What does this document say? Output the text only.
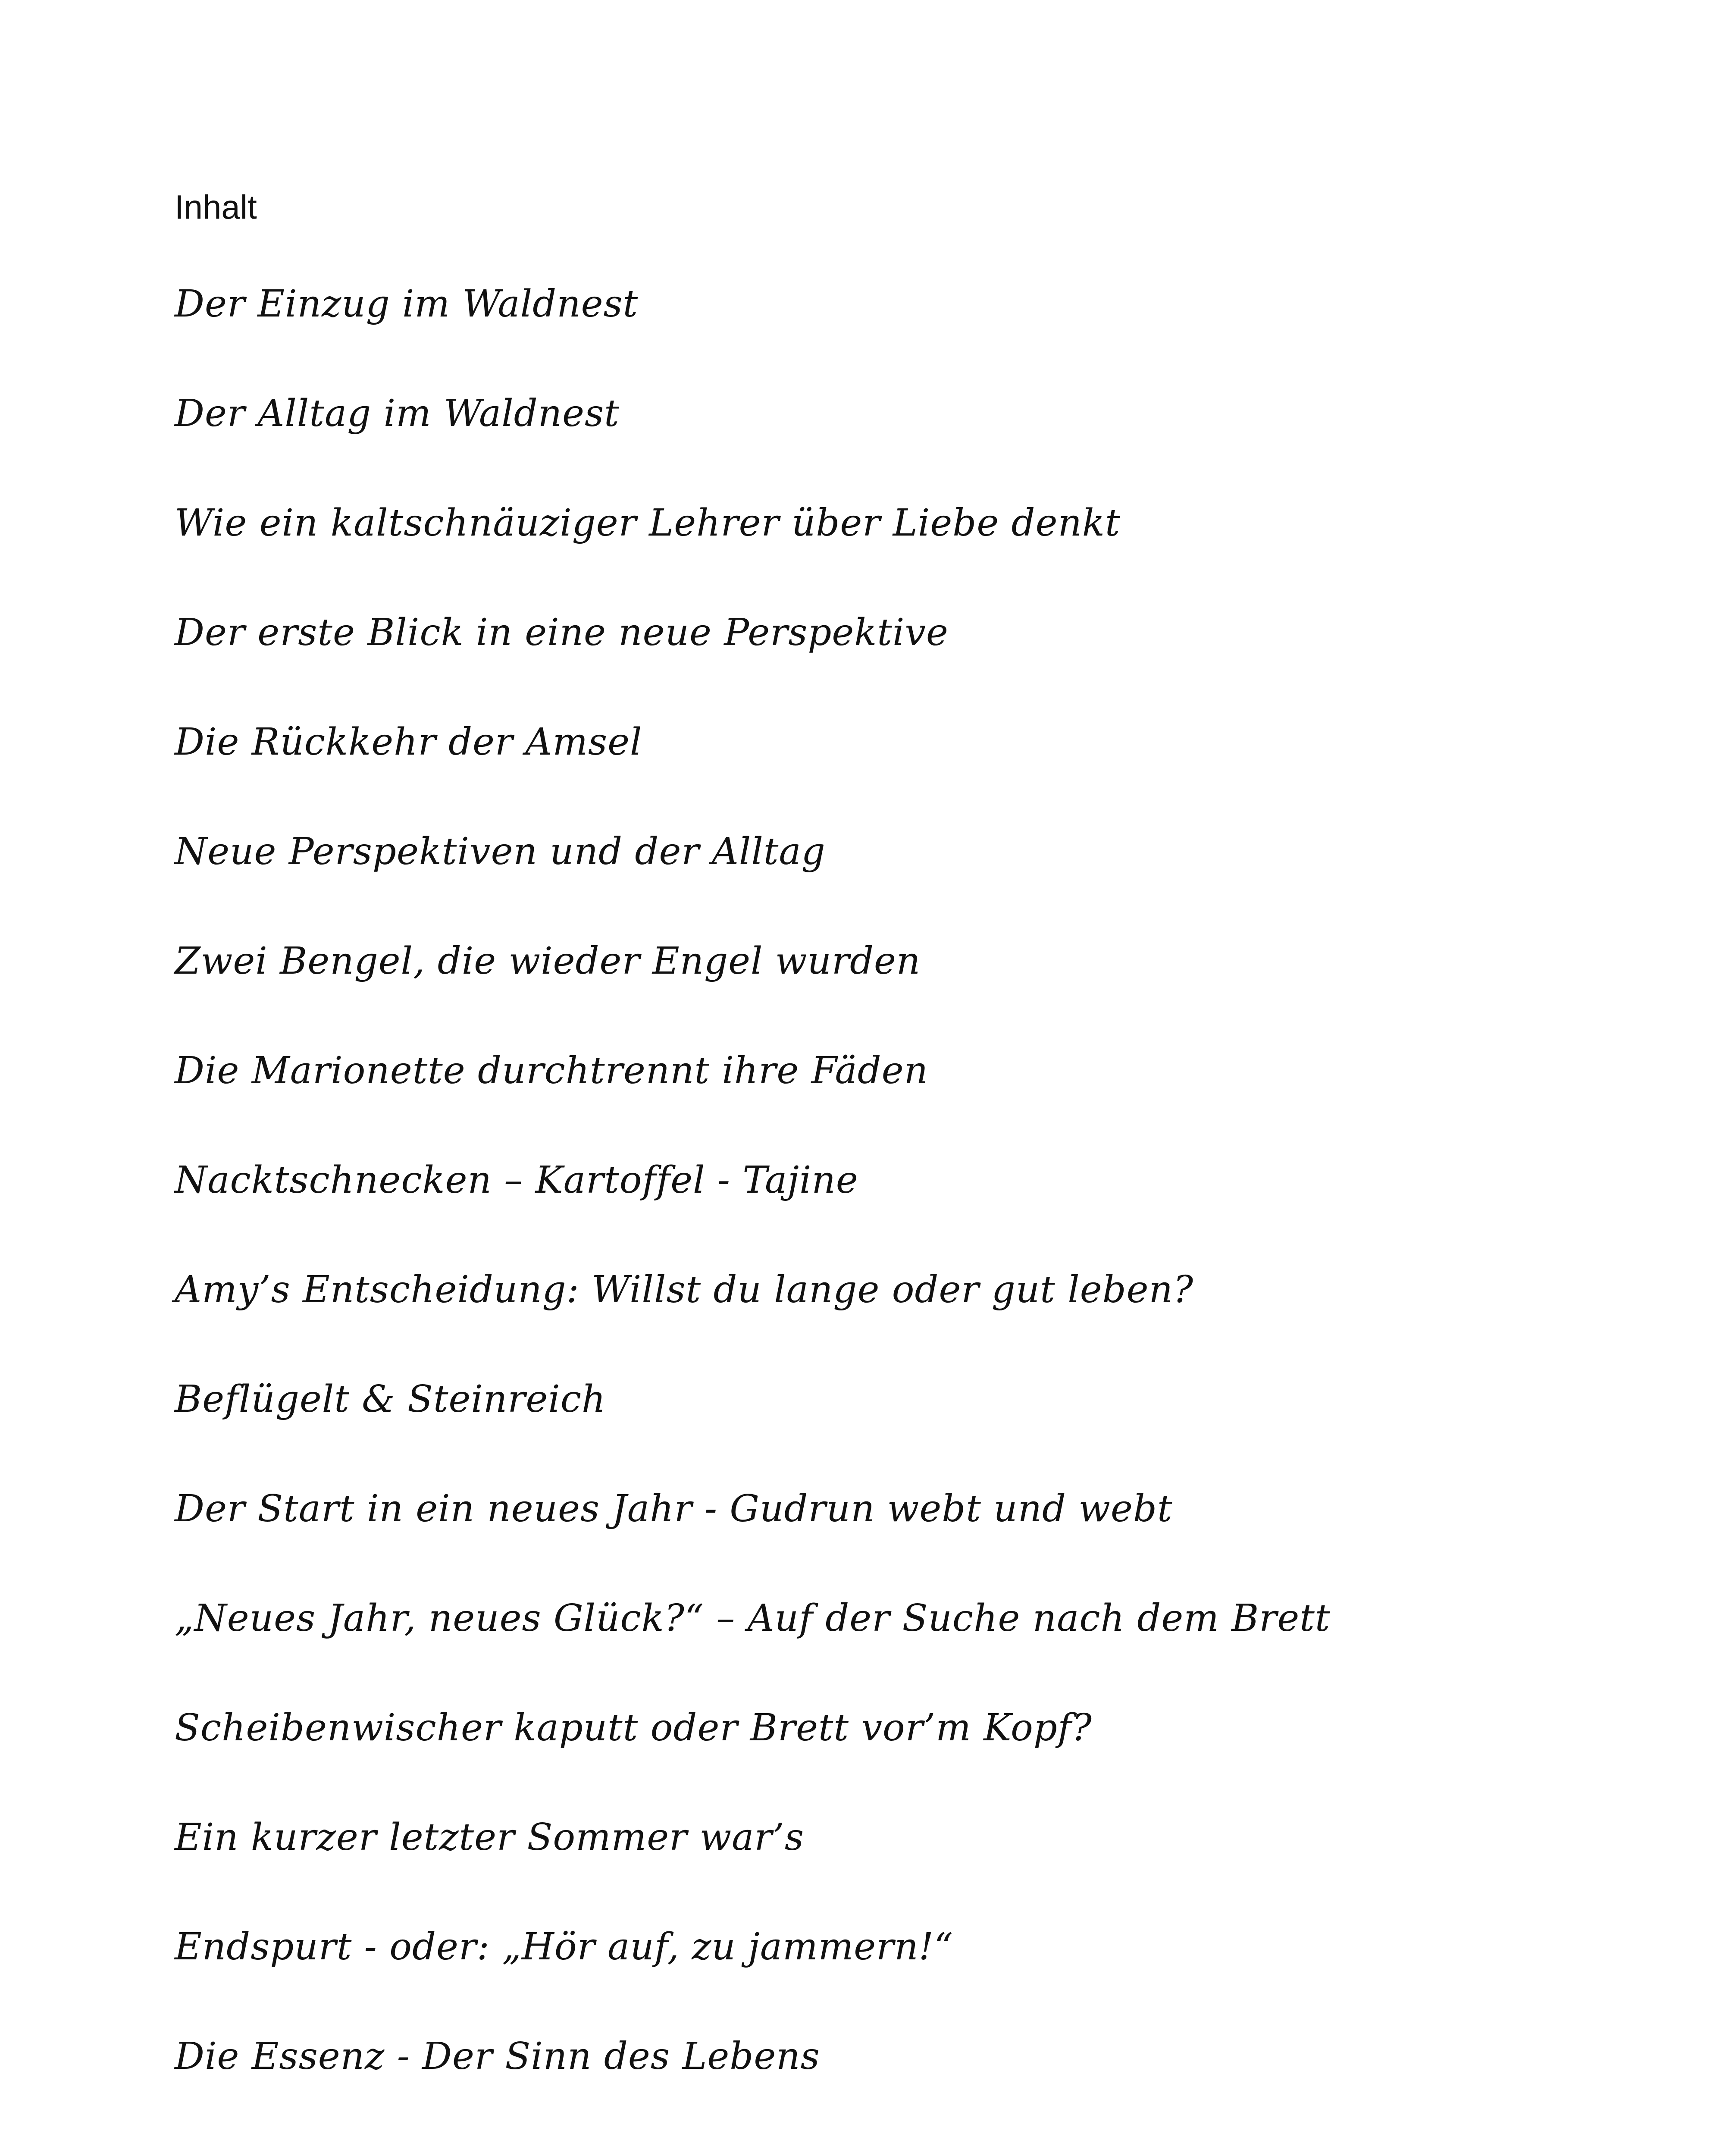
Inhalt
Der Einzug im Waldnest
Der Alltag im Waldnest
Wie ein kaltschnäuziger Lehrer über Liebe denkt
Der erste Blick in eine neue Perspektive
Die Rückkehr der Amsel
Neue Perspektiven und der Alltag
Zwei Bengel, die wieder Engel wurden
Die Marionette durchtrennt ihre Fäden
Nacktschnecken – Kartoffel - Tajine
Amy’s Entscheidung: Willst du lange oder gut leben?
Beflügelt & Steinreich
Der Start in ein neues Jahr - Gudrun webt und webt
„Neues Jahr, neues Glück?“ – Auf der Suche nach dem Brett
Scheibenwischer kaputt oder Brett vor’m Kopf?
Ein kurzer letzter Sommer war’s
Endspurt - oder: „Hör auf, zu jammern!“
Die Essenz - Der Sinn des Lebens
